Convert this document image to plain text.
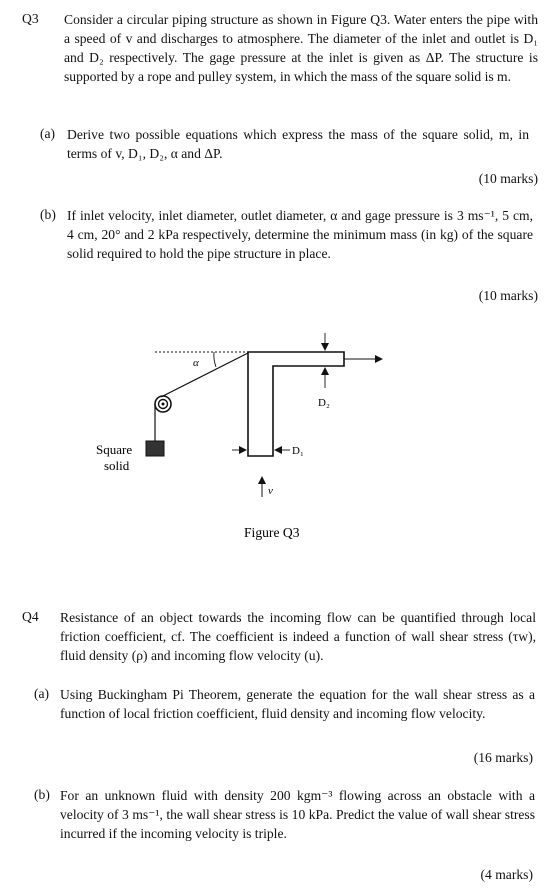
Q3 Consider a circular piping structure as shown in Figure Q3. Water enters the pipe with a speed of v and discharges to atmosphere. The diameter of the inlet and outlet is D₁ and D₂ respectively. The gage pressure at the inlet is given as ΔP. The structure is supported by a rope and pulley system, in which the mass of the square solid is m.
(a) Derive two possible equations which express the mass of the square solid, m, in terms of v, D₁, D₂, α and ΔP.
(10 marks)
(b) If inlet velocity, inlet diameter, outlet diameter, α and gage pressure is 3 ms⁻¹, 5 cm, 4 cm, 20° and 2 kPa respectively, determine the minimum mass (in kg) of the square solid required to hold the pipe structure in place.
(10 marks)
α
D₂
D₁
Square
solid
v
Figure Q3
Q4 Resistance of an object towards the incoming flow can be quantified through local friction coefficient, cf. The coefficient is indeed a function of wall shear stress (τw), fluid density (ρ) and incoming flow velocity (u).
(a) Using Buckingham Pi Theorem, generate the equation for the wall shear stress as a function of local friction coefficient, fluid density and incoming flow velocity.
(16 marks)
(b) For an unknown fluid with density 200 kgm⁻³ flowing across an obstacle with a velocity of 3 ms⁻¹, the wall shear stress is 10 kPa. Predict the value of wall shear stress incurred if the incoming velocity is triple.
(4 marks)
